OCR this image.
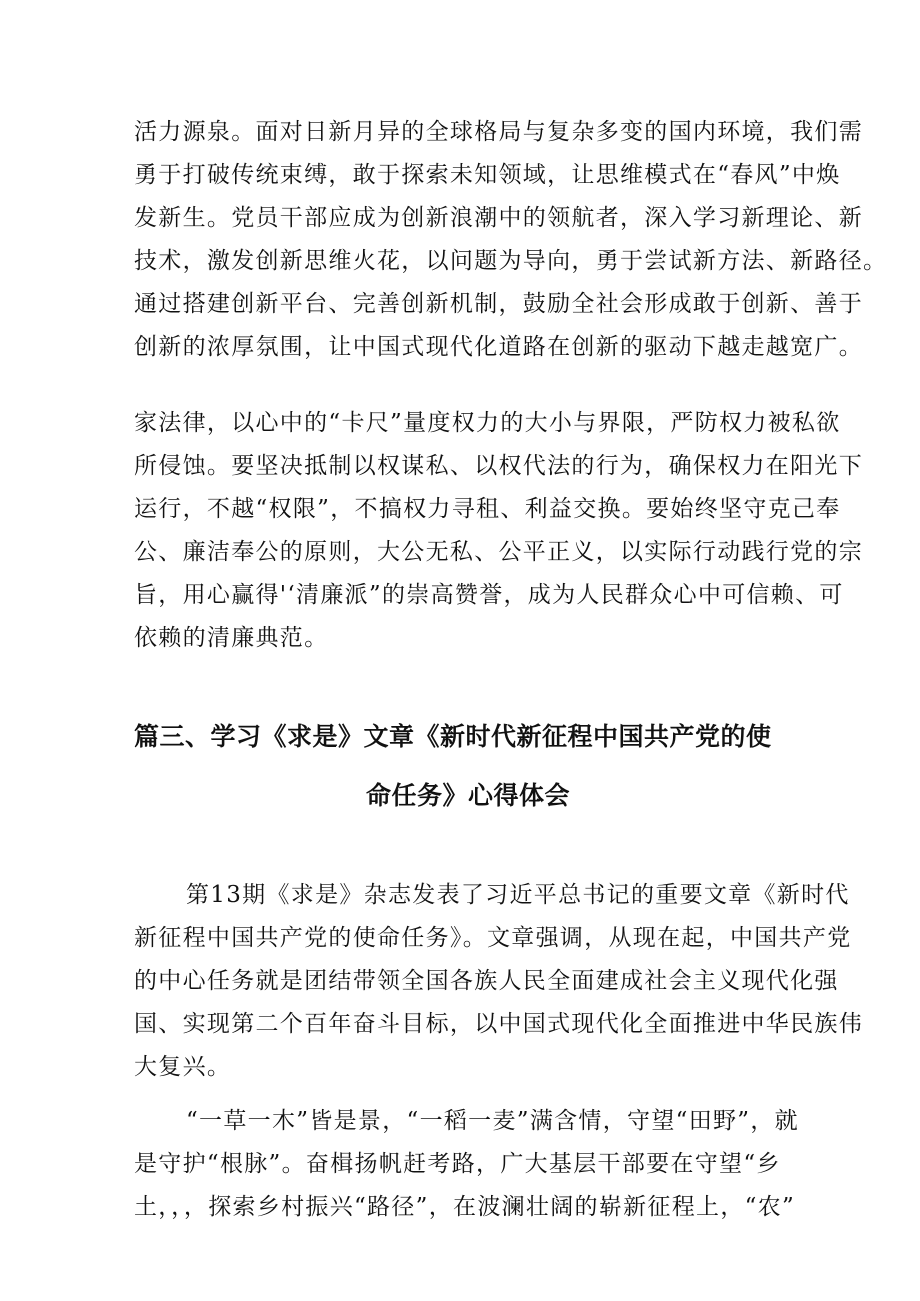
活力源泉。面对日新月异的全球格局与复杂多变的国内环境，我们需
勇于打破传统束缚，敢于探索未知领域，让思维模式在“春风”中焕
发新生。党员干部应成为创新浪潮中的领航者，深入学习新理论、新
技术，激发创新思维火花，以问题为导向，勇于尝试新方法、新路径。
通过搭建创新平台、完善创新机制，鼓励全社会形成敢于创新、善于
创新的浓厚氛围，让中国式现代化道路在创新的驱动下越走越宽广。
家法律，以心中的“卡尺”量度权力的大小与界限，严防权力被私欲
所侵蚀。要坚决抵制以权谋私、以权代法的行为，确保权力在阳光下
运行，不越“权限”，不搞权力寻租、利益交换。要始终坚守克己奉
公、廉洁奉公的原则，大公无私、公平正义，以实际行动践行党的宗
旨，用心赢得'‘清廉派”的崇高赞誉，成为人民群众心中可信赖、可
依赖的清廉典范。
篇三、学习《求是》文章《新时代新征程中国共产党的使
命任务》心得体会
第13期《求是》杂志发表了习近平总书记的重要文章《新时代
新征程中国共产党的使命任务》。文章强调，从现在起，中国共产党
的中心任务就是团结带领全国各族人民全面建成社会主义现代化强
国、实现第二个百年奋斗目标，以中国式现代化全面推进中华民族伟
大复兴。
“一草一木”皆是景，“一稻一麦”满含情，守望“田野”，就
是守护“根脉”。奋楫扬帆赶考路，广大基层干部要在守望“乡
土，，，探索乡村振兴“路径”，在波澜壮阔的崭新征程上，“农”
